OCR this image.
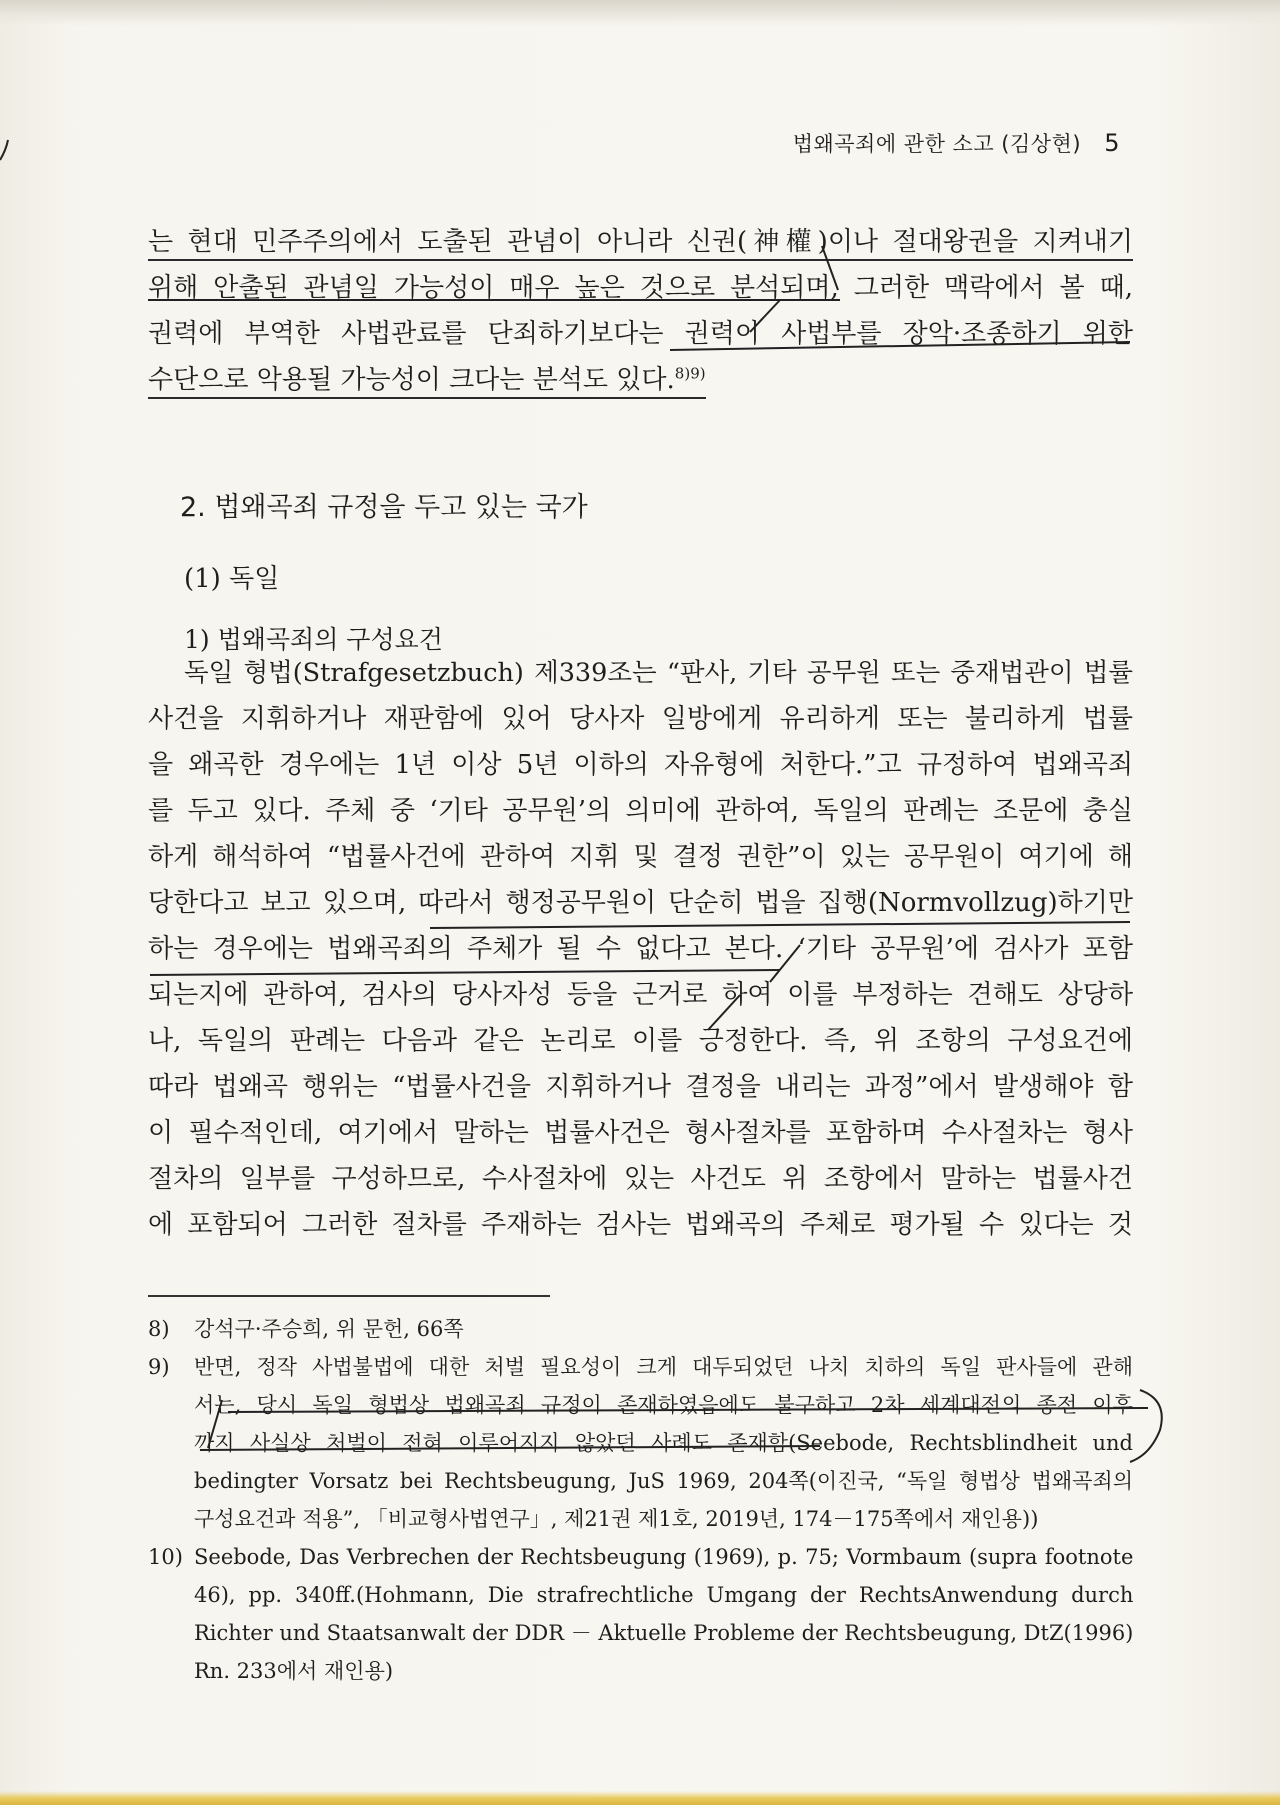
법왜곡죄에 관한 소고 (김상현) 5
는 현대 민주주의에서 도출된 관념이 아니라 신권(神權)이나 절대왕권을 지켜내기
위해 안출된 관념일 가능성이 매우 높은 것으로 분석되며, 그러한 맥락에서 볼 때,
권력에 부역한 사법관료를 단죄하기보다는 권력이 사법부를 장악·조종하기 위한
수단으로 악용될 가능성이 크다는 분석도 있다.$^{8)9)}$
2. 법왜곡죄 규정을 두고 있는 국가
(1) 독일
1) 법왜곡죄의 구성요건
독일 형법(Strafgesetzbuch) 제339조는 “판사, 기타 공무원 또는 중재법관이 법률
사건을 지휘하거나 재판함에 있어 당사자 일방에게 유리하게 또는 불리하게 법률
을 왜곡한 경우에는 1년 이상 5년 이하의 자유형에 처한다.”고 규정하여 법왜곡죄
를 두고 있다. 주체 중 ‘기타 공무원’의 의미에 관하여, 독일의 판례는 조문에 충실
하게 해석하여 “법률사건에 관하여 지휘 및 결정 권한”이 있는 공무원이 여기에 해
당한다고 보고 있으며, 따라서 행정공무원이 단순히 법을 집행(Normvollzug)하기만
하는 경우에는 법왜곡죄의 주체가 될 수 없다고 본다. ‘기타 공무원’에 검사가 포함
되는지에 관하여, 검사의 당사자성 등을 근거로 하여 이를 부정하는 견해도 상당하
나, 독일의 판례는 다음과 같은 논리로 이를 긍정한다. 즉, 위 조항의 구성요건에
따라 법왜곡 행위는 “법률사건을 지휘하거나 결정을 내리는 과정”에서 발생해야 함
이 필수적인데, 여기에서 말하는 법률사건은 형사절차를 포함하며 수사절차는 형사
절차의 일부를 구성하므로, 수사절차에 있는 사건도 위 조항에서 말하는 법률사건
에 포함되어 그러한 절차를 주재하는 검사는 법왜곡의 주체로 평가될 수 있다는 것
8)	강석구·주승희, 위 문헌, 66쪽
9)	반면, 정작 사법불법에 대한 처벌 필요성이 크게 대두되었던 나치 치하의 독일 판사들에 관해
서는, 당시 독일 형법상 법왜곡죄 규정이 존재하였음에도 불구하고 2차 세계대전의 종전 이후
까지 사실상 처벌이 전혀 이루어지지 않았던 사례도 존재함(Seebode, Rechtsblindheit und
bedingter Vorsatz bei Rechtsbeugung, JuS 1969, 204쪽(이진국, “독일 형법상 법왜곡죄의
구성요건과 적용”, 「비교형사법연구」, 제21권 제1호, 2019년, 174－175쪽에서 재인용))
10) Seebode, Das Verbrechen der Rechtsbeugung (1969), p. 75; Vormbaum (supra footnote
46), pp. 340ff.(Hohmann, Die strafrechtliche Umgang der RechtsAnwendung durch
Richter und Staatsanwalt der DDR － Aktuelle Probleme der Rechtsbeugung, DtZ(1996)
Rn. 233에서 재인용)
